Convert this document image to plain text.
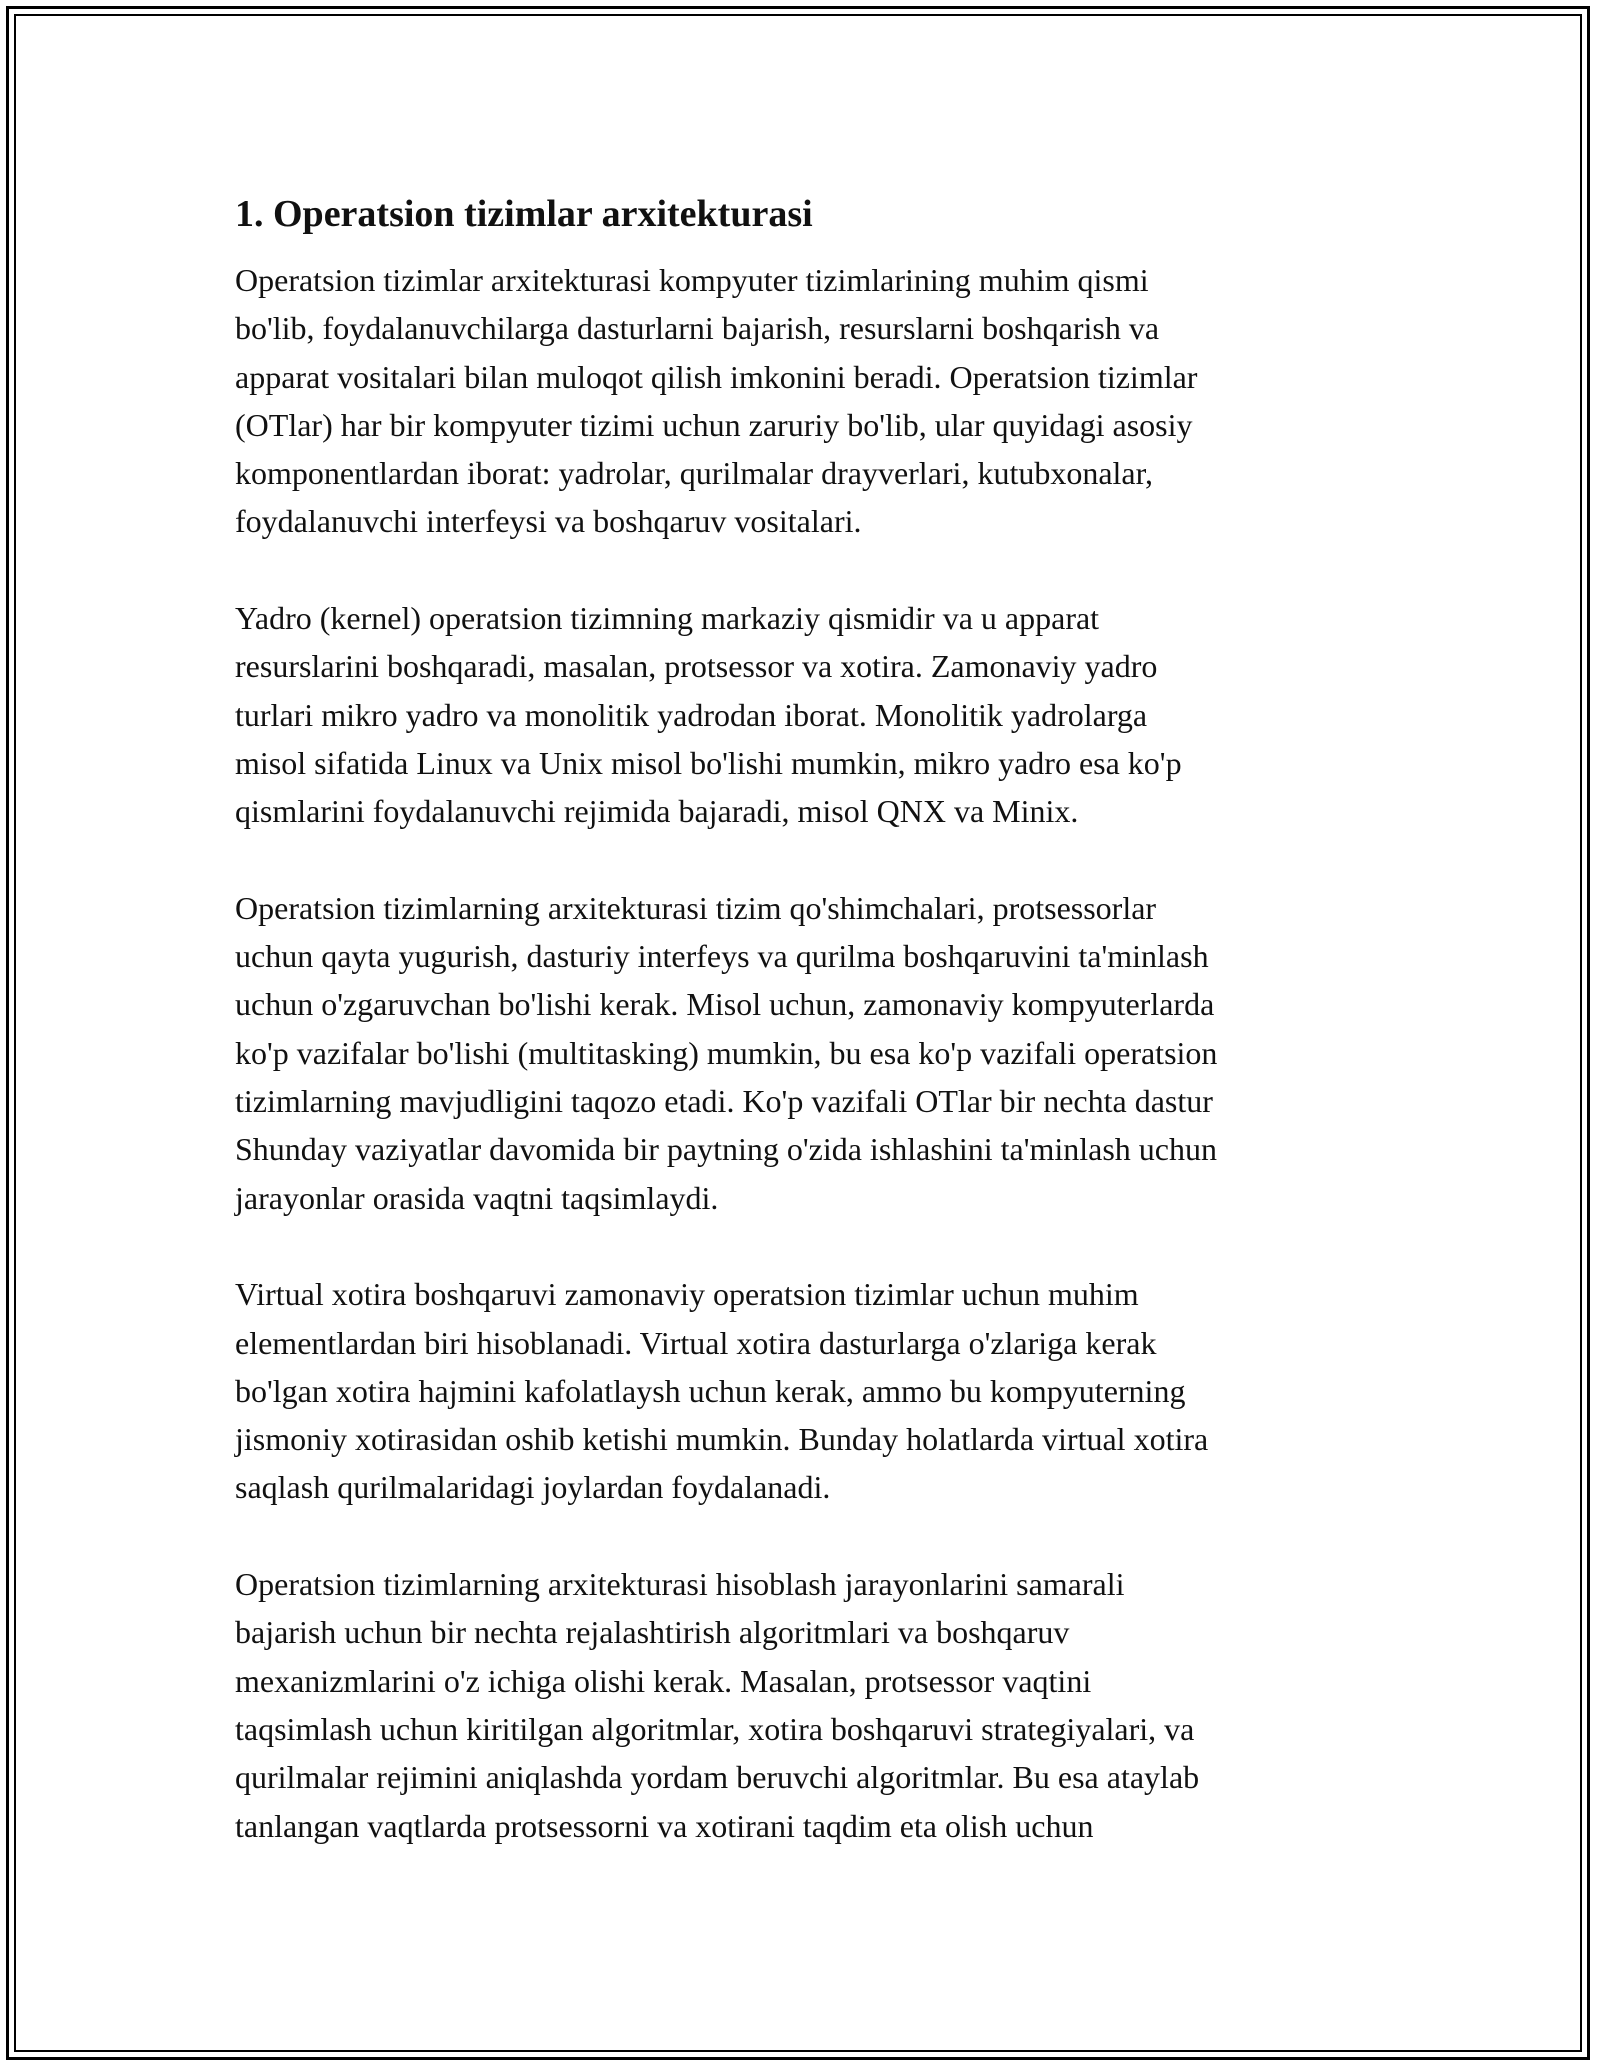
1. Operatsion tizimlar arxitekturasi

Operatsion tizimlar arxitekturasi kompyuter tizimlarining muhim qismi
bo'lib, foydalanuvchilarga dasturlarni bajarish, resurslarni boshqarish va
apparat vositalari bilan muloqot qilish imkonini beradi. Operatsion tizimlar
(OTlar) har bir kompyuter tizimi uchun zaruriy bo'lib, ular quyidagi asosiy
komponentlardan iborat: yadrolar, qurilmalar drayverlari, kutubxonalar,
foydalanuvchi interfeysi va boshqaruv vositalari.

Yadro (kernel) operatsion tizimning markaziy qismidir va u apparat
resurslarini boshqaradi, masalan, protsessor va xotira. Zamonaviy yadro
turlari mikro yadro va monolitik yadrodan iborat. Monolitik yadrolarga
misol sifatida Linux va Unix misol bo'lishi mumkin, mikro yadro esa ko'p
qismlarini foydalanuvchi rejimida bajaradi, misol QNX va Minix.

Operatsion tizimlarning arxitekturasi tizim qo'shimchalari, protsessorlar
uchun qayta yugurish, dasturiy interfeys va qurilma boshqaruvini ta'minlash
uchun o'zgaruvchan bo'lishi kerak. Misol uchun, zamonaviy kompyuterlarda
ko'p vazifalar bo'lishi (multitasking) mumkin, bu esa ko'p vazifali operatsion
tizimlarning mavjudligini taqozo etadi. Ko'p vazifali OTlar bir nechta dastur
Shunday vaziyatlar davomida bir paytning o'zida ishlashini ta'minlash uchun
jarayonlar orasida vaqtni taqsimlaydi.

Virtual xotira boshqaruvi zamonaviy operatsion tizimlar uchun muhim
elementlardan biri hisoblanadi. Virtual xotira dasturlarga o'zlariga kerak
bo'lgan xotira hajmini kafolatlaysh uchun kerak, ammo bu kompyuterning
jismoniy xotirasidan oshib ketishi mumkin. Bunday holatlarda virtual xotira
saqlash qurilmalaridagi joylardan foydalanadi.

Operatsion tizimlarning arxitekturasi hisoblash jarayonlarini samarali
bajarish uchun bir nechta rejalashtirish algoritmlari va boshqaruv
mexanizmlarini o'z ichiga olishi kerak. Masalan, protsessor vaqtini
taqsimlash uchun kiritilgan algoritmlar, xotira boshqaruvi strategiyalari, va
qurilmalar rejimini aniqlashda yordam beruvchi algoritmlar. Bu esa ataylab
tanlangan vaqtlarda protsessorni va xotirani taqdim eta olish uchun
